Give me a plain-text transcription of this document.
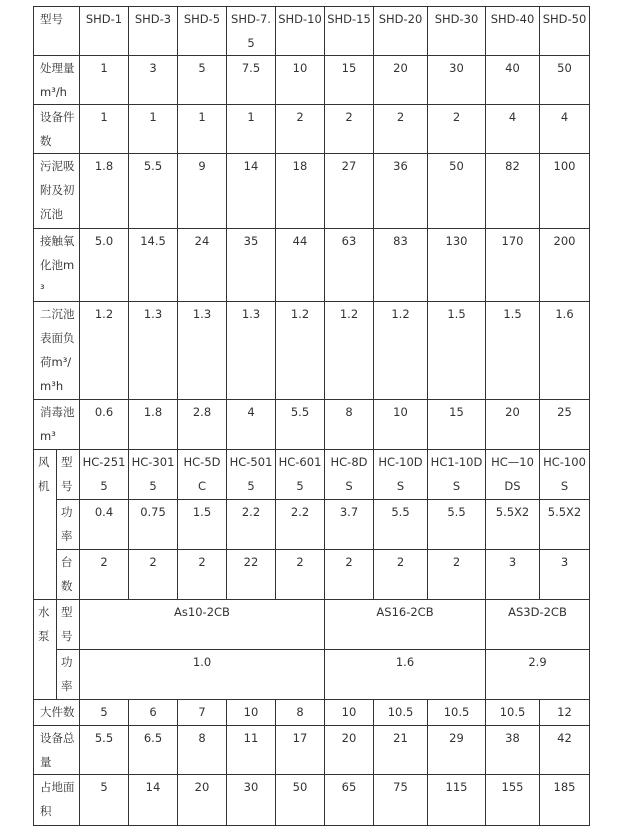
型号		SHD-1	SHD-3	SHD-5	SHD-7.5	SHD-10	SHD-15	SHD-20	SHD-30	SHD-40	SHD-50
处理量m³/h		1	3	5	7.5	10	15	20	30	40	50
设备件数		1	1	1	1	2	2	2	2	4	4
污泥吸附及初沉池		1.8	5.5	9	14	18	27	36	50	82	100
接触氧化池m³		5.0	14.5	24	35	44	63	83	130	170	200
二沉池表面负荷m³/m³h		1.2	1.3	1.3	1.3	1.2	1.2	1.2	1.5	1.5	1.6
消毒池m³		0.6	1.8	2.8	4	5.5	8	10	15	20	25
风机	型号	HC-2515	HC-3015	HC-5DC	HC-5015	HC-6015	HC-8DS	HC-10DS	HC1-10DS	HC—10DS	HC-100S
	功率	0.4	0.75	1.5	2.2	2.2	3.7	5.5	5.5	5.5X2	5.5X2
	台数	2	2	2	22	2	2	2	2	3	3
水泵	型号	As10-2CB					AS16-2CB			AS3D-2CB	
	功率	1.0					1.6			2.9	
大件数		5	6	7	10	8	10	10.5	10.5	10.5	12
设备总量		5.5	6.5	8	11	17	20	21	29	38	42
占地面积		5	14	20	30	50	65	75	115	155	185
